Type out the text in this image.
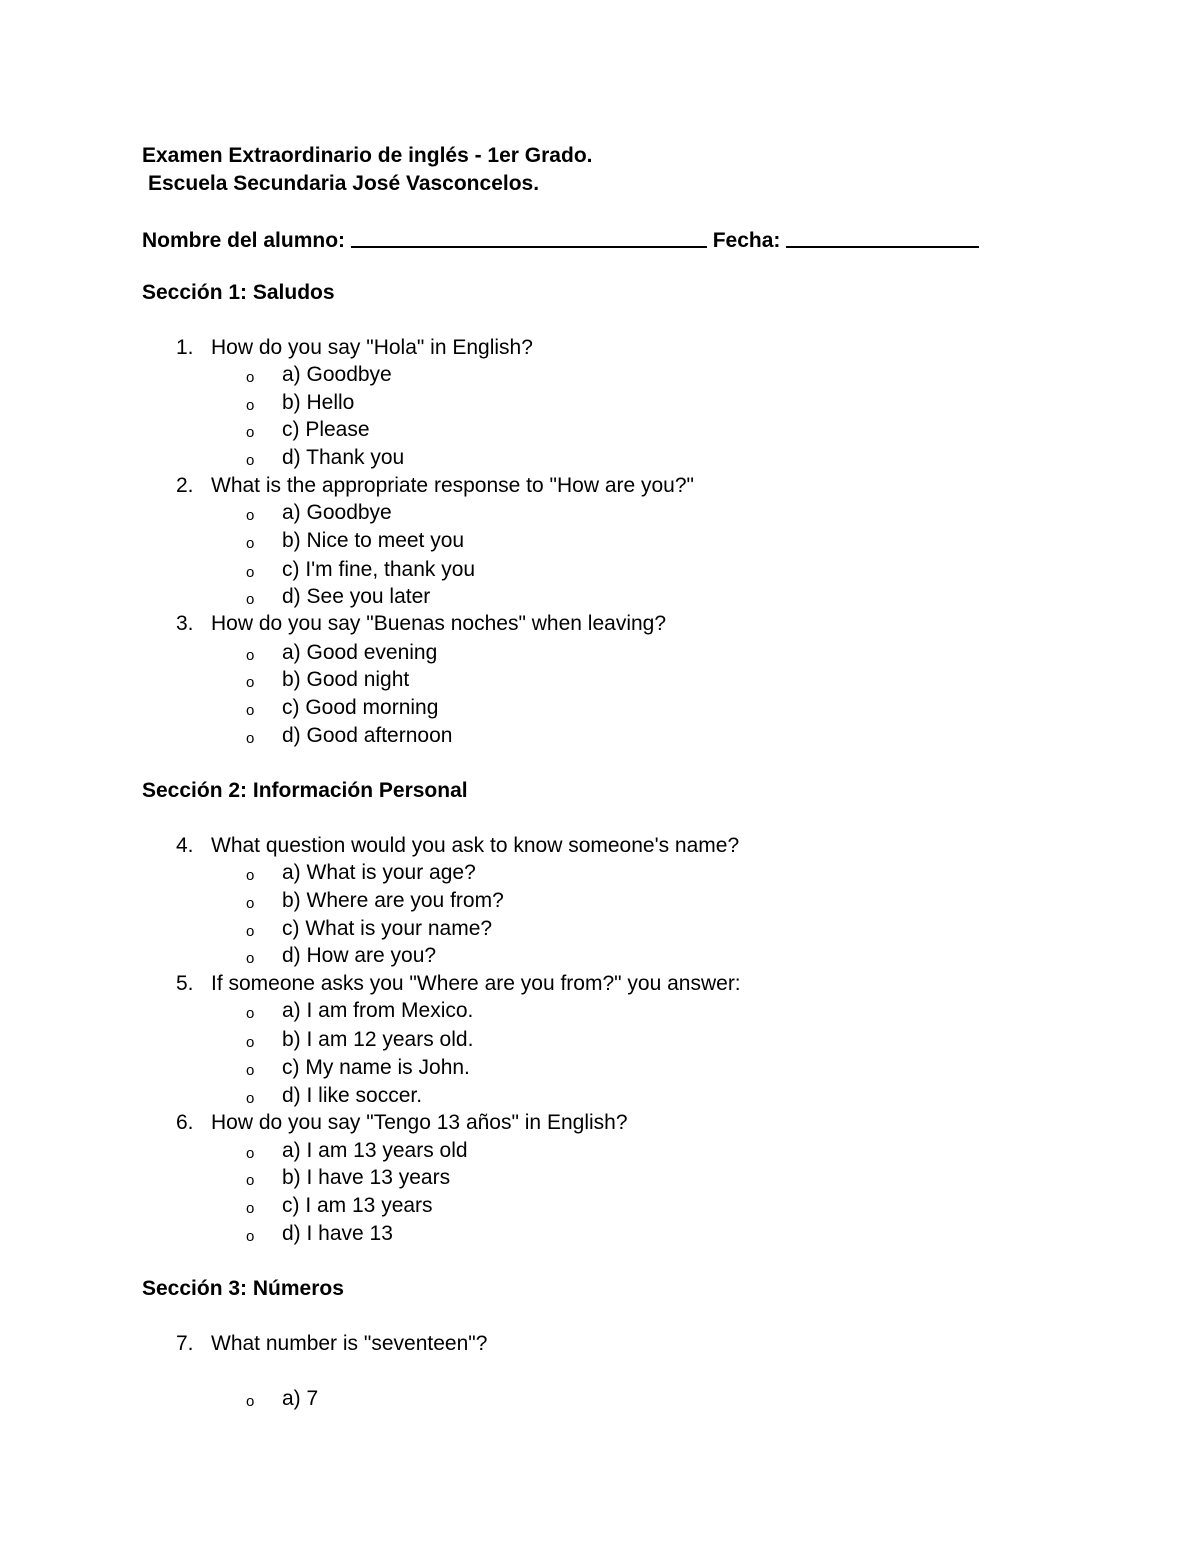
Examen Extraordinario de inglés - 1er Grado.
Escuela Secundaria José Vasconcelos.
Nombre del alumno:	Fecha:
Sección 1: Saludos
1. How do you say "Hola" in English?
o a) Goodbye
o b) Hello
o c) Please
o d) Thank you
2. What is the appropriate response to "How are you?"
o a) Goodbye
o b) Nice to meet you
o c) I'm fine, thank you
o d) See you later
3. How do you say "Buenas noches" when leaving?
o a) Good evening
o b) Good night
o c) Good morning
o d) Good afternoon
Sección 2: Información Personal
4. What question would you ask to know someone's name?
o a) What is your age?
o b) Where are you from?
o c) What is your name?
o d) How are you?
5. If someone asks you "Where are you from?" you answer:
o a) I am from Mexico.
o b) I am 12 years old.
o c) My name is John.
o d) I like soccer.
6. How do you say "Tengo 13 años" in English?
o a) I am 13 years old
o b) I have 13 years
o c) I am 13 years
o d) I have 13
Sección 3: Números
7. What number is "seventeen"?
o a) 7
